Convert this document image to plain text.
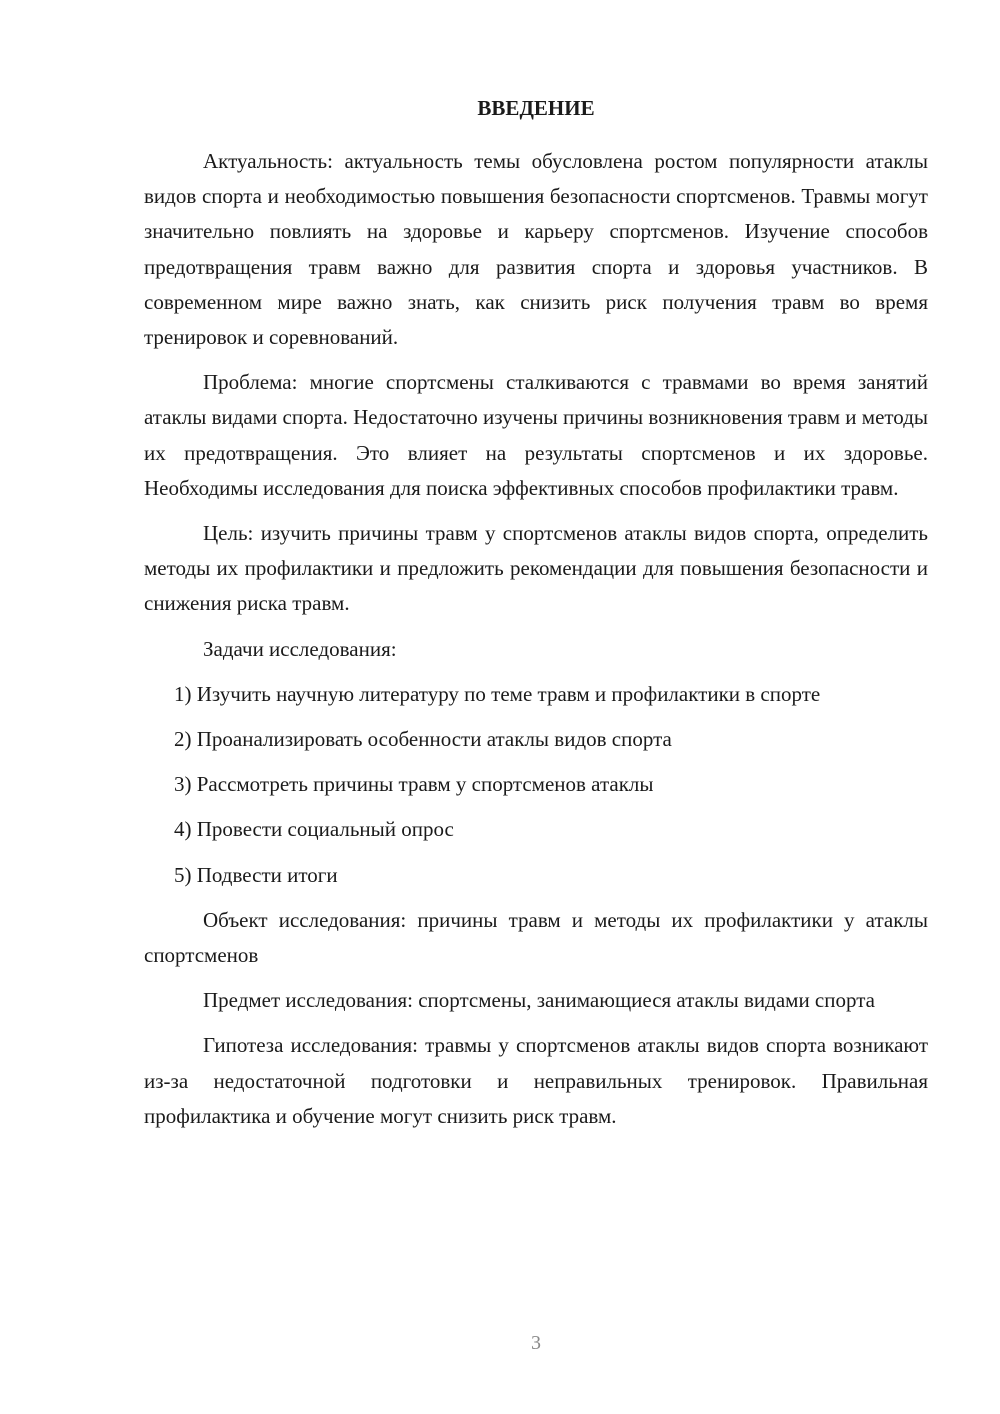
ВВЕДЕНИЕ

Актуальность: актуальность темы обусловлена ростом популярности атаклы видов спорта и необходимостью повышения безопасности спортсменов. Травмы могут значительно повлиять на здоровье и карьеру спортсменов. Изучение способов предотвращения травм важно для развития спорта и здоровья участников. В современном мире важно знать, как снизить риск получения травм во время тренировок и соревнований.

Проблема: многие спортсмены сталкиваются с травмами во время занятий атаклы видами спорта. Недостаточно изучены причины возникновения травм и методы их предотвращения. Это влияет на результаты спортсменов и их здоровье. Необходимы исследования для поиска эффективных способов профилактики травм.

Цель: изучить причины травм у спортсменов атаклы видов спорта, определить методы их профилактики и предложить рекомендации для повышения безопасности и снижения риска травм.

Задачи исследования:

1) Изучить научную литературу по теме травм и профилактики в спорте

2) Проанализировать особенности атаклы видов спорта

3) Рассмотреть причины травм у спортсменов атаклы

4) Провести социальный опрос

5) Подвести итоги

Объект исследования: причины травм и методы их профилактики у атаклы спортсменов

Предмет исследования: спортсмены, занимающиеся атаклы видами спорта

Гипотеза исследования: травмы у спортсменов атаклы видов спорта возникают из-за недостаточной подготовки и неправильных тренировок. Правильная профилактика и обучение могут снизить риск травм.

3
